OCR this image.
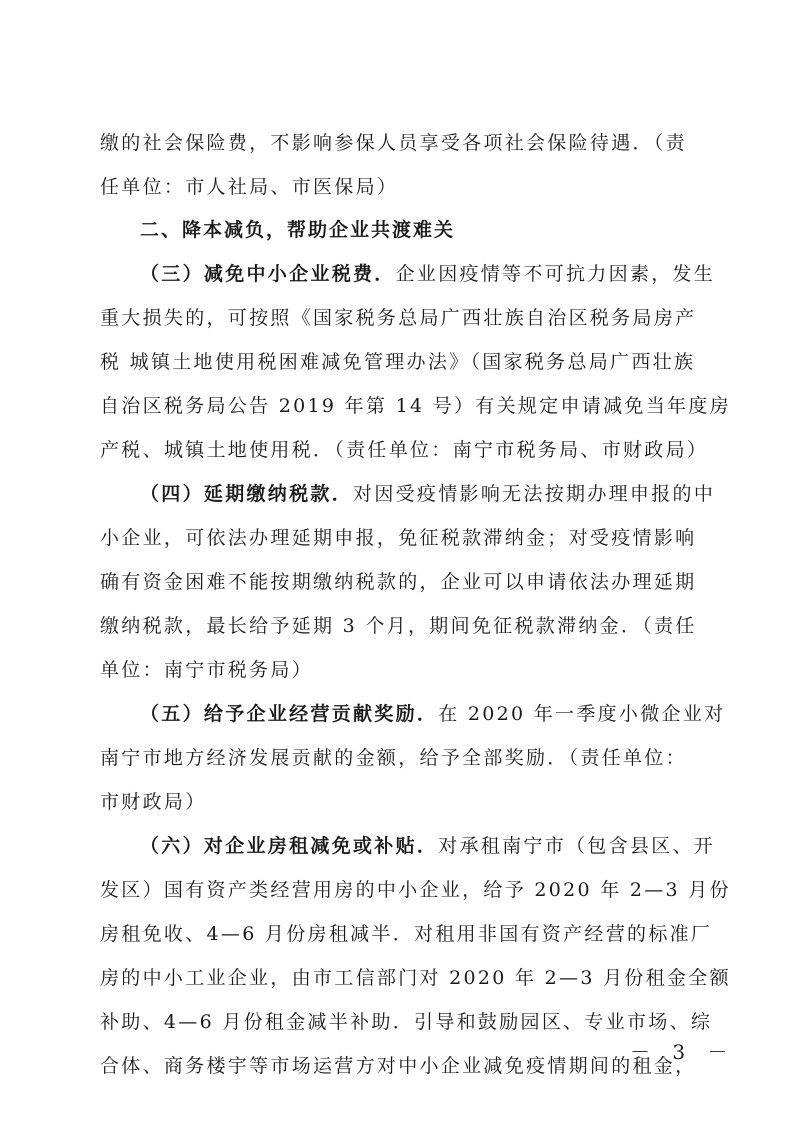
缴的社会保险费，不影响参保人员享受各项社会保险待遇．（责
任单位：市人社局、市医保局）
二、降本减负，帮助企业共渡难关
（三）减免中小企业税费．企业因疫情等不可抗力因素，发生
重大损失的，可按照《国家税务总局广西壮族自治区税务局房产
税 城镇土地使用税困难减免管理办法》（国家税务总局广西壮族
自治区税务局公告 2019 年第 14 号）有关规定申请减免当年度房
产税、城镇土地使用税．（责任单位：南宁市税务局、市财政局）
（四）延期缴纳税款．对因受疫情影响无法按期办理申报的中
小企业，可依法办理延期申报，免征税款滞纳金；对受疫情影响
确有资金困难不能按期缴纳税款的，企业可以申请依法办理延期
缴纳税款，最长给予延期 3 个月，期间免征税款滞纳金．（责任
单位：南宁市税务局）
（五）给予企业经营贡献奖励．在 2020 年一季度小微企业对
南宁市地方经济发展贡献的金额，给予全部奖励．（责任单位：
市财政局）
（六）对企业房租减免或补贴．对承租南宁市（包含县区、开
发区）国有资产类经营用房的中小企业，给予 2020 年 2—3 月份
房租免收、4—6 月份房租减半．对租用非国有资产经营的标准厂
房的中小工业企业，由市工信部门对 2020 年 2—3 月份租金全额
补助、4—6 月份租金减半补助．引导和鼓励园区、专业市场、综
合体、商务楼宇等市场运营方对中小企业减免疫情期间的租金，
－ 3 －
